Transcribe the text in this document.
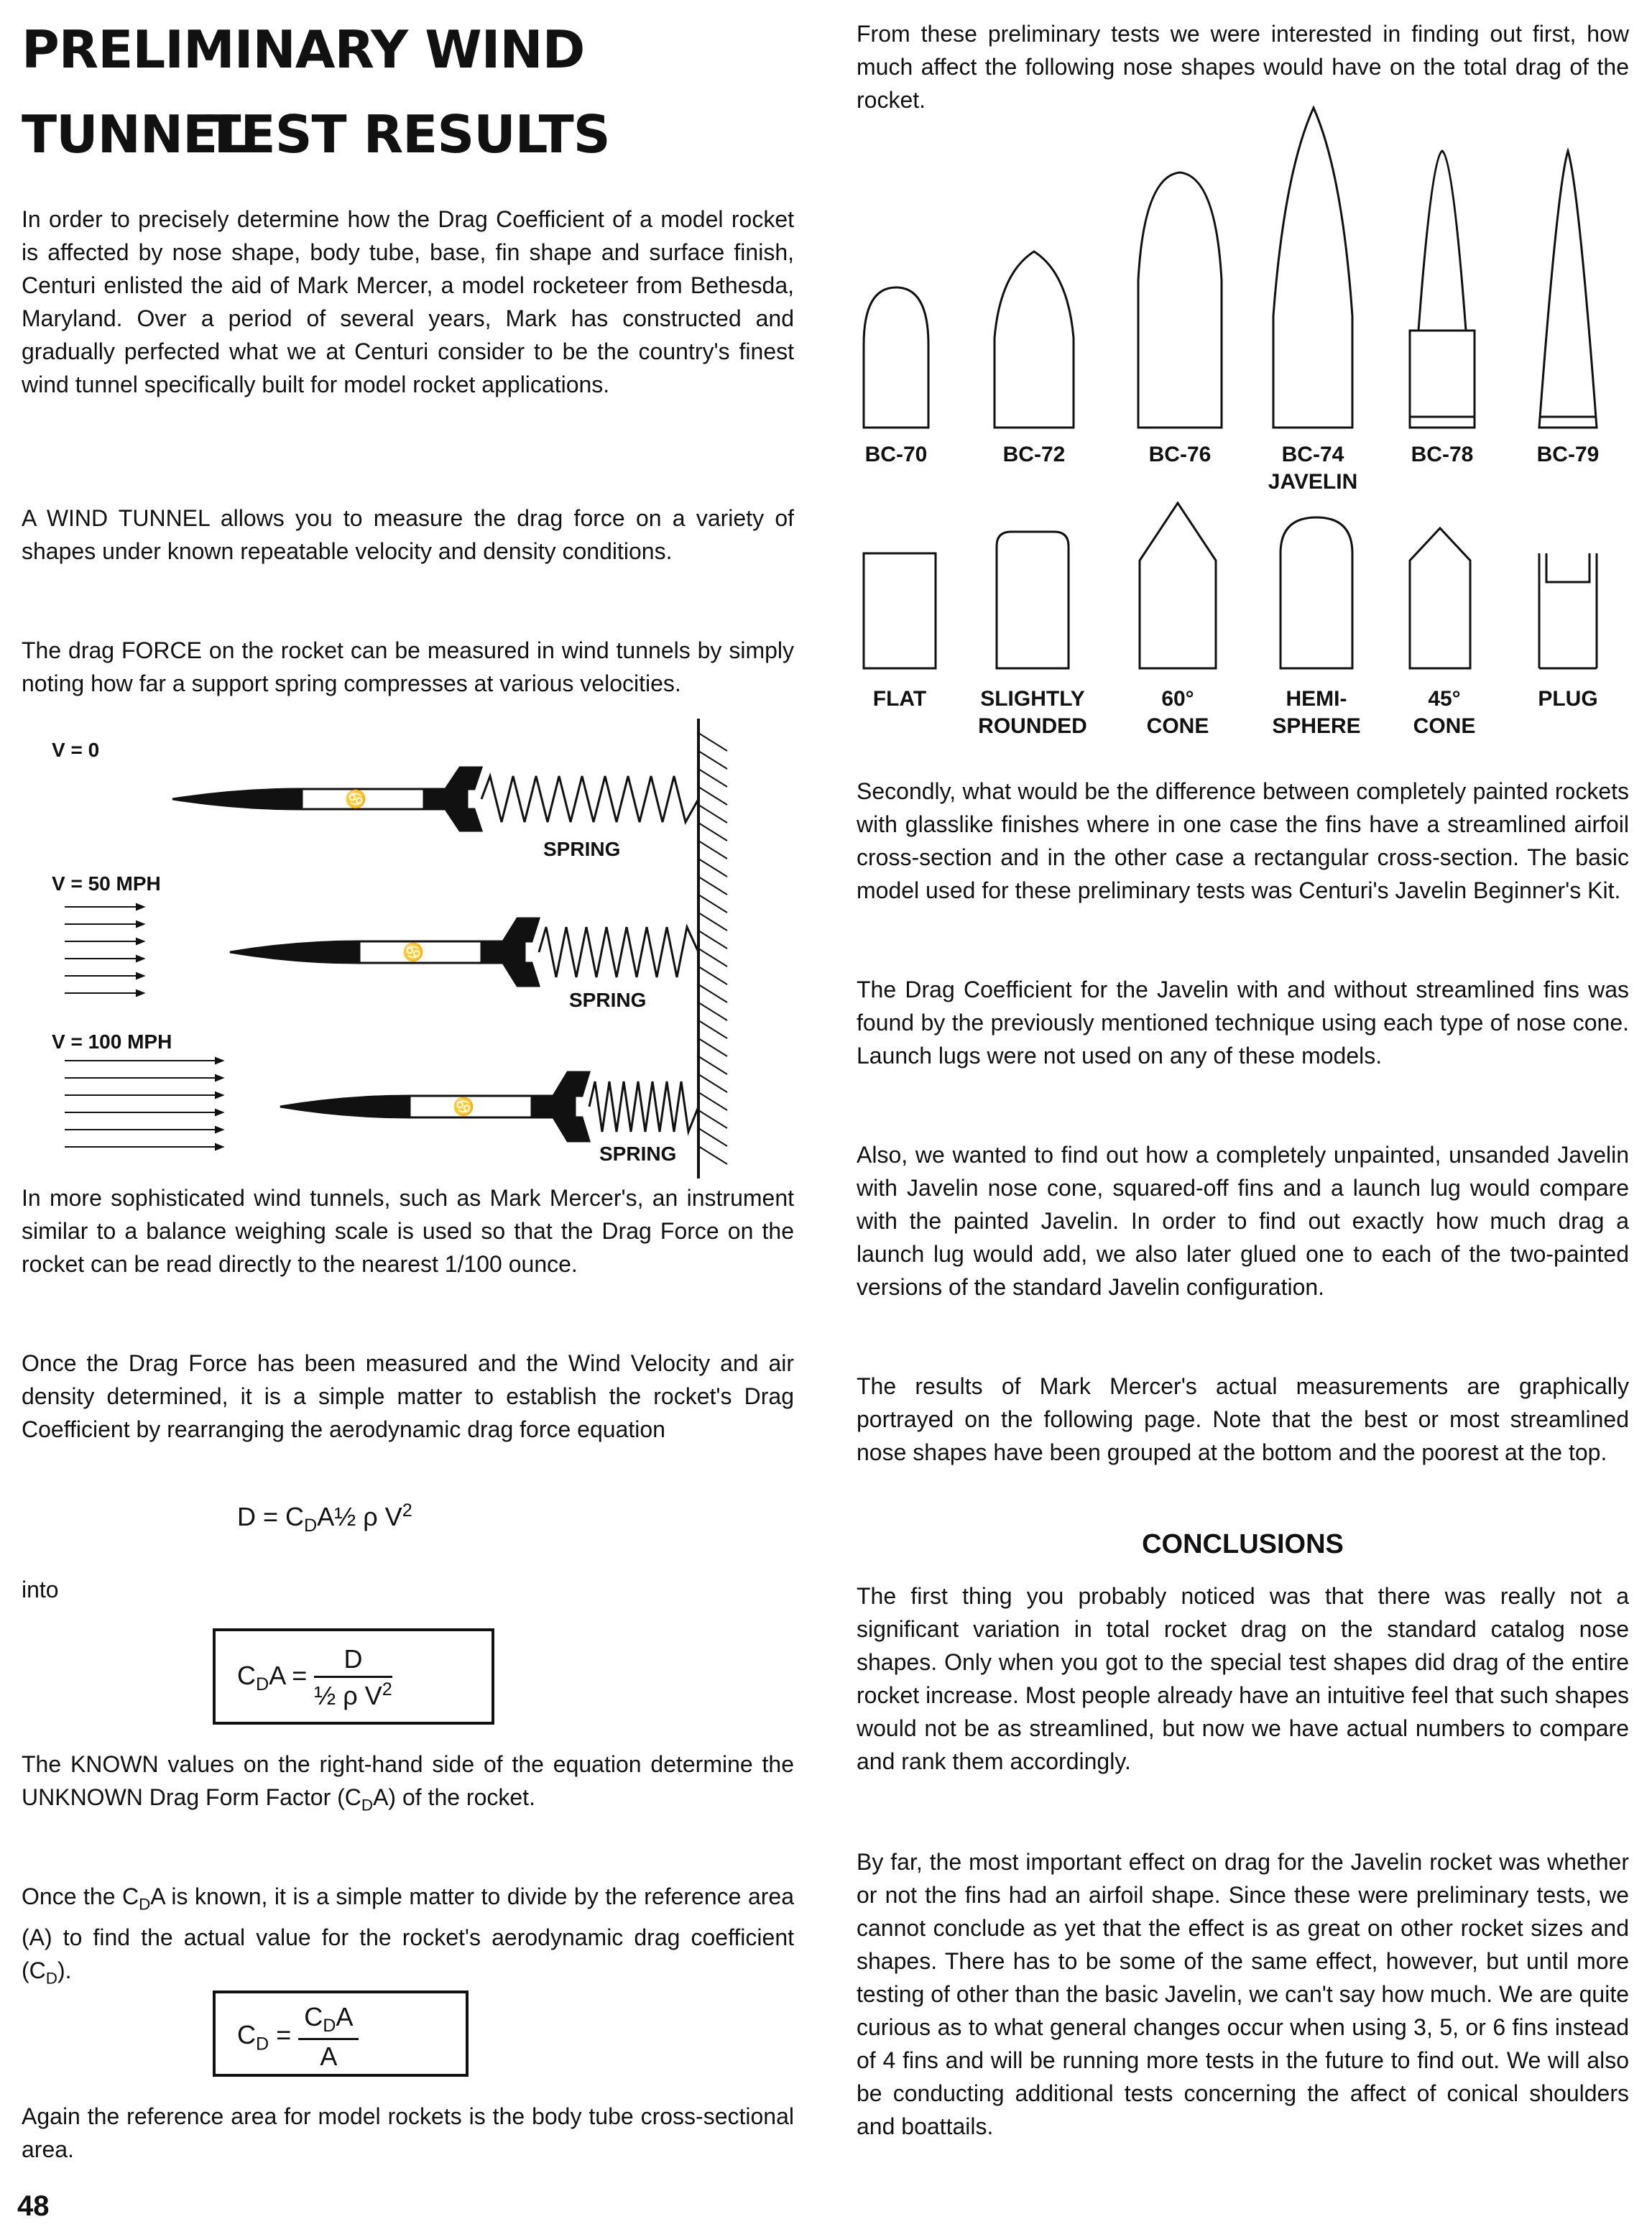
PRELIMINARY WIND TUNNEL
TEST RESULTS

In order to precisely determine how the Drag Coefficient of a model rocket is affected by nose shape, body tube, base, fin shape and surface finish, Centuri enlisted the aid of Mark Mercer, a model rocketeer from Bethesda, Maryland. Over a period of several years, Mark has constructed and gradually perfected what we at Centuri consider to be the country's finest wind tunnel specifically built for model rocket applications.

A WIND TUNNEL allows you to measure the drag force on a variety of shapes under known repeatable velocity and density conditions.

The drag FORCE on the rocket can be measured in wind tunnels by simply noting how far a support spring compresses at various velocities.

V = 0
V = 50 MPH
V = 100 MPH
SPRING
SPRING
SPRING
♋
♋
♋

In more sophisticated wind tunnels, such as Mark Mercer's, an instrument similar to a balance weighing scale is used so that the Drag Force on the rocket can be read directly to the nearest 1/100 ounce.

Once the Drag Force has been measured and the Wind Velocity and air density determined, it is a simple matter to establish the rocket's Drag Coefficient by rearranging the aerodynamic drag force equation

$D = C_DA\frac{1}{2}$ ρ $V^2$
into
$C_DA = \frac{D}{\frac{1}{2} \rho V^2}$

The KNOWN values on the right-hand side of the equation determine the UNKNOWN Drag Form Factor $(C_DA)$ of the rocket.

Once the $C_DA$ is known, it is a simple matter to divide by the reference area (A) to find the actual value for the rocket's aerodynamic drag coefficient $(C_D)$.

$C_D = \frac{C_DA}{A}$

Again the reference area for model rockets is the body tube cross-sectional area.

48

From these preliminary tests we were interested in finding out first, how much affect the following nose shapes would have on the total drag of the rocket.

BC-70	BC-72	BC-76	BC-74
JAVELIN
BC-78	BC-79
FLAT	SLIGHTLY
ROUNDED
60°
CONE
HEMI-
SPHERE
45°
CONE
PLUG

Secondly, what would be the difference between completely painted rockets with glasslike finishes where in one case the fins have a streamlined airfoil cross-section and in the other case a rectangular cross-section. The basic model used for these preliminary tests was Centuri's Javelin Beginner's Kit.

The Drag Coefficient for the Javelin with and without streamlined fins was found by the previously mentioned technique using each type of nose cone. Launch lugs were not used on any of these models.

Also, we wanted to find out how a completely unpainted, unsanded Javelin with Javelin nose cone, squared-off fins and a launch lug would compare with the painted Javelin. In order to find out exactly how much drag a launch lug would add, we also later glued one to each of the two-painted versions of the standard Javelin configuration.

The results of Mark Mercer's actual measurements are graphically portrayed on the following page. Note that the best or most streamlined nose shapes have been grouped at the bottom and the poorest at the top.

CONCLUSIONS

The first thing you probably noticed was that there was really not a significant variation in total rocket drag on the standard catalog nose shapes. Only when you got to the special test shapes did drag of the entire rocket increase. Most people already have an intuitive feel that such shapes would not be as streamlined, but now we have actual numbers to compare and rank them accordingly.

By far, the most important effect on drag for the Javelin rocket was whether or not the fins had an airfoil shape. Since these were preliminary tests, we cannot conclude as yet that the effect is as great on other rocket sizes and shapes. There has to be some of the same effect, however, but until more testing of other than the basic Javelin, we can't say how much. We are quite curious as to what general changes occur when using 3, 5, or 6 fins instead of 4 fins and will be running more tests in the future to find out. We will also be conducting additional tests concerning the affect of conical shoulders and boattails.
